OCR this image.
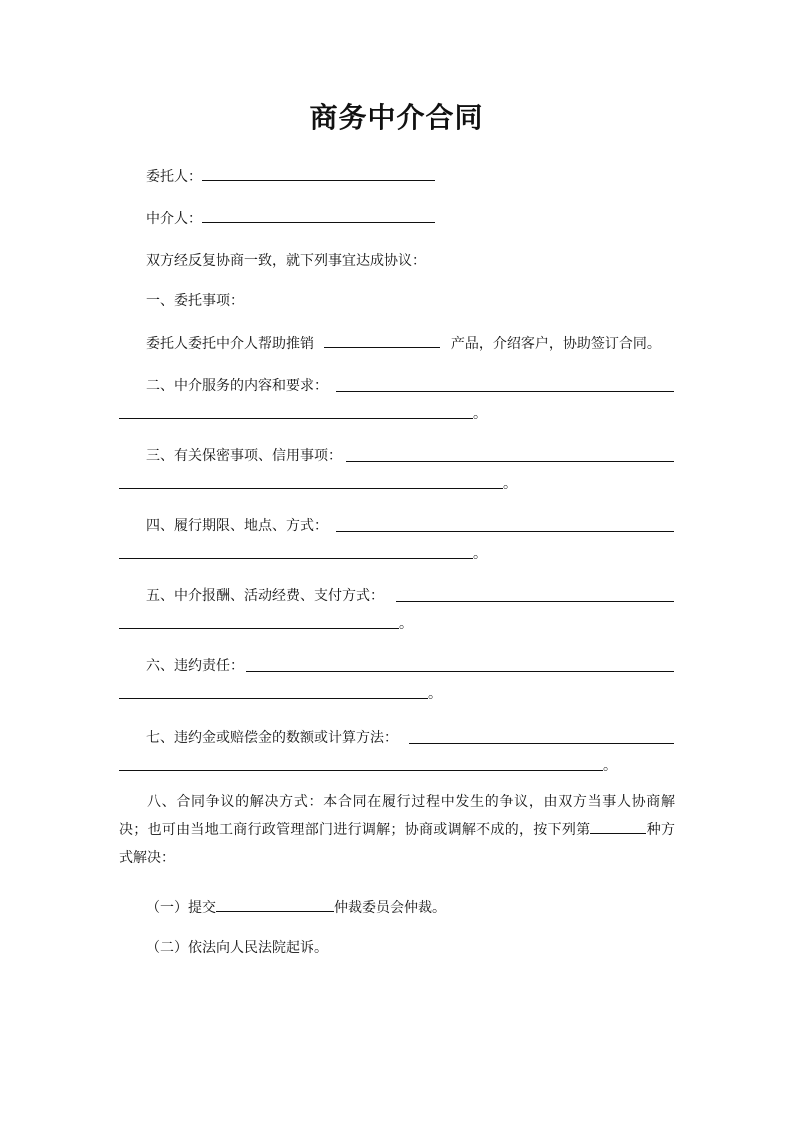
商务中介合同
委托人：
中介人：
双方经反复协商一致，就下列事宜达成协议：
一、委托事项：
委托人委托中介人帮助推销	产品，介绍客户，协助签订合同。
二、中介服务的内容和要求：
。
三、有关保密事项、信用事项：
。
四、履行期限、地点、方式：
。
五、中介报酬、活动经费、支付方式：
。
六、违约责任：
。
七、违约金或赔偿金的数额或计算方法：
。
八、合同争议的解决方式：本合同在履行过程中发生的争议，由双方当事人协商解决；也可由当地工商行政管理部门进行调解；协商或调解不成的，按下列第	种方式解决：
（一）提交	仲裁委员会仲裁。
（二）依法向人民法院起诉。
